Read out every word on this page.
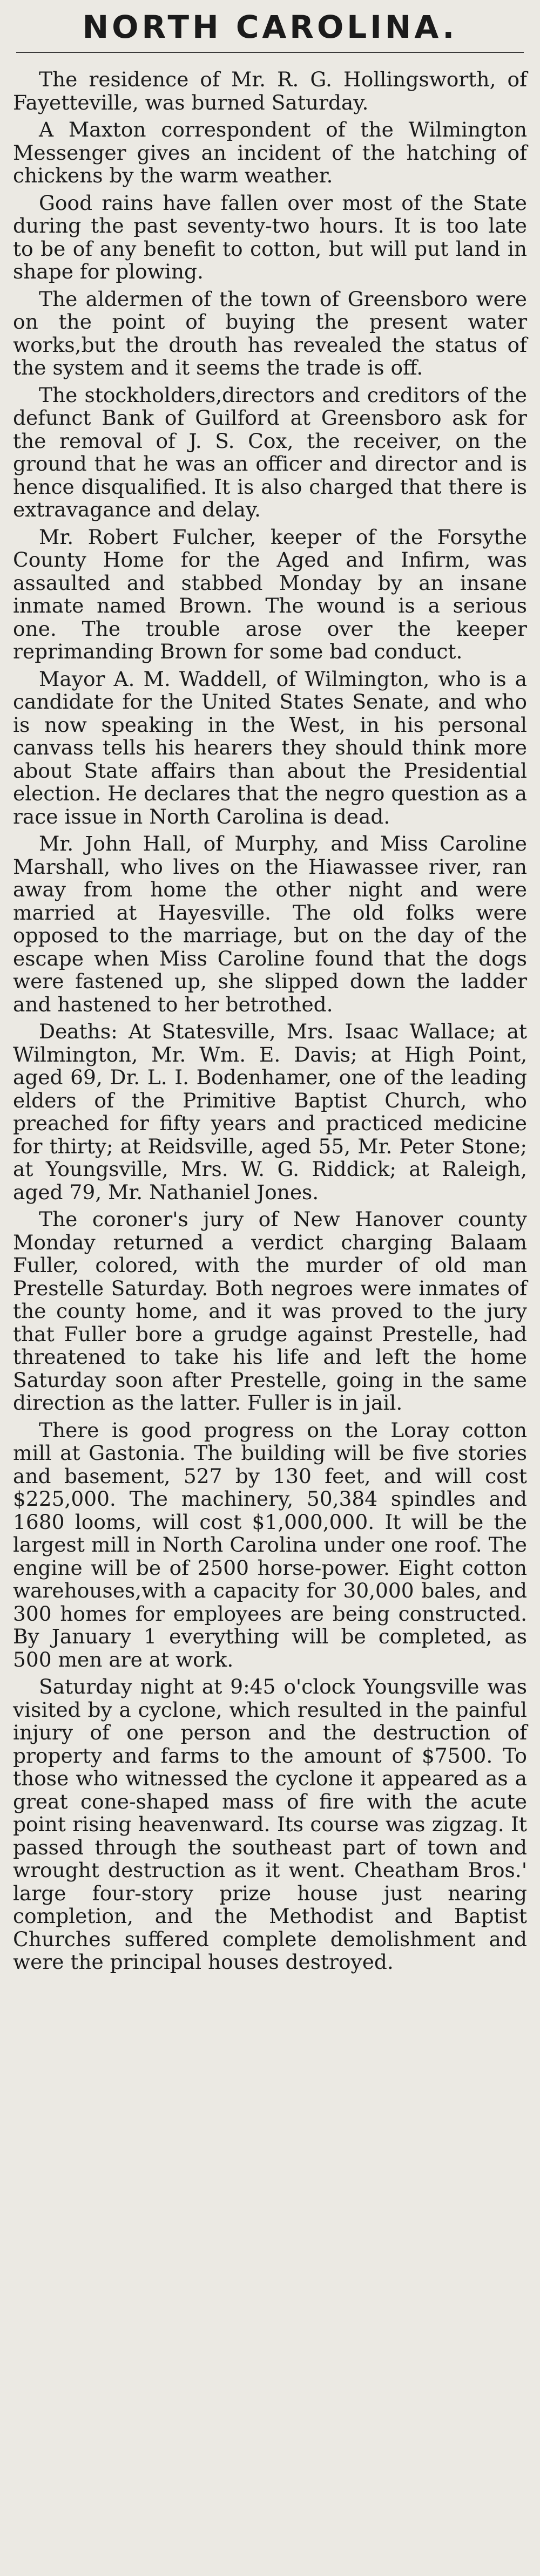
NORTH CAROLINA.

The residence of Mr. R. G. Hollingsworth, of Fayetteville, was burned Saturday.

A Maxton correspondent of the Wilmington Messenger gives an incident of the hatching of chickens by the warm weather.

Good rains have fallen over most of the State during the past seventy-two hours. It is too late to be of any benefit to cotton, but will put land in shape for plowing.

The aldermen of the town of Greensboro were on the point of buying the present water works,but the drouth has revealed the status of the system and it seems the trade is off.

The stockholders,directors and creditors of the defunct Bank of Guilford at Greensboro ask for the removal of J. S. Cox, the receiver, on the ground that he was an officer and director and is hence disqualified. It is also charged that there is extravagance and delay.

Mr. Robert Fulcher, keeper of the Forsythe County Home for the Aged and Infirm, was assaulted and stabbed Monday by an insane inmate named Brown. The wound is a serious one. The trouble arose over the keeper reprimanding Brown for some bad conduct.

Mayor A. M. Waddell, of Wilmington, who is a candidate for the United States Senate, and who is now speaking in the West, in his personal canvass tells his hearers they should think more about State affairs than about the Presidential election. He declares that the negro question as a race issue in North Carolina is dead.

Mr. John Hall, of Murphy, and Miss Caroline Marshall, who lives on the Hiawassee river, ran away from home the other night and were married at Hayesville. The old folks were opposed to the marriage, but on the day of the escape when Miss Caroline found that the dogs were fastened up, she slipped down the ladder and hastened to her betrothed.

Deaths: At Statesville, Mrs. Isaac Wallace; at Wilmington, Mr. Wm. E. Davis; at High Point, aged 69, Dr. L. I. Bodenhamer, one of the leading elders of the Primitive Baptist Church, who preached for fifty years and practiced medicine for thirty; at Reidsville, aged 55, Mr. Peter Stone; at Youngsville, Mrs. W. G. Riddick; at Raleigh, aged 79, Mr. Nathaniel Jones.

The coroner's jury of New Hanover county Monday returned a verdict charging Balaam Fuller, colored, with the murder of old man Prestelle Saturday. Both negroes were inmates of the county home, and it was proved to the jury that Fuller bore a grudge against Prestelle, had threatened to take his life and left the home Saturday soon after Prestelle, going in the same direction as the latter. Fuller is in jail.

There is good progress on the Loray cotton mill at Gastonia. The building will be five stories and basement, 527 by 130 feet, and will cost $225,000. The machinery, 50,384 spindles and 1680 looms, will cost $1,000,000. It will be the largest mill in North Carolina under one roof. The engine will be of 2500 horse-power. Eight cotton warehouses,with a capacity for 30,000 bales, and 300 homes for employees are being constructed. By January 1 everything will be completed, as 500 men are at work.

Saturday night at 9:45 o'clock Youngsville was visited by a cyclone, which resulted in the painful injury of one person and the destruction of property and farms to the amount of $7500. To those who witnessed the cyclone it appeared as a great cone-shaped mass of fire with the acute point rising heavenward. Its course was zigzag. It passed through the southeast part of town and wrought destruction as it went. Cheatham Bros.' large four-story prize house just nearing completion, and the Methodist and Baptist Churches suffered complete demolishment and were the principal houses destroyed.
